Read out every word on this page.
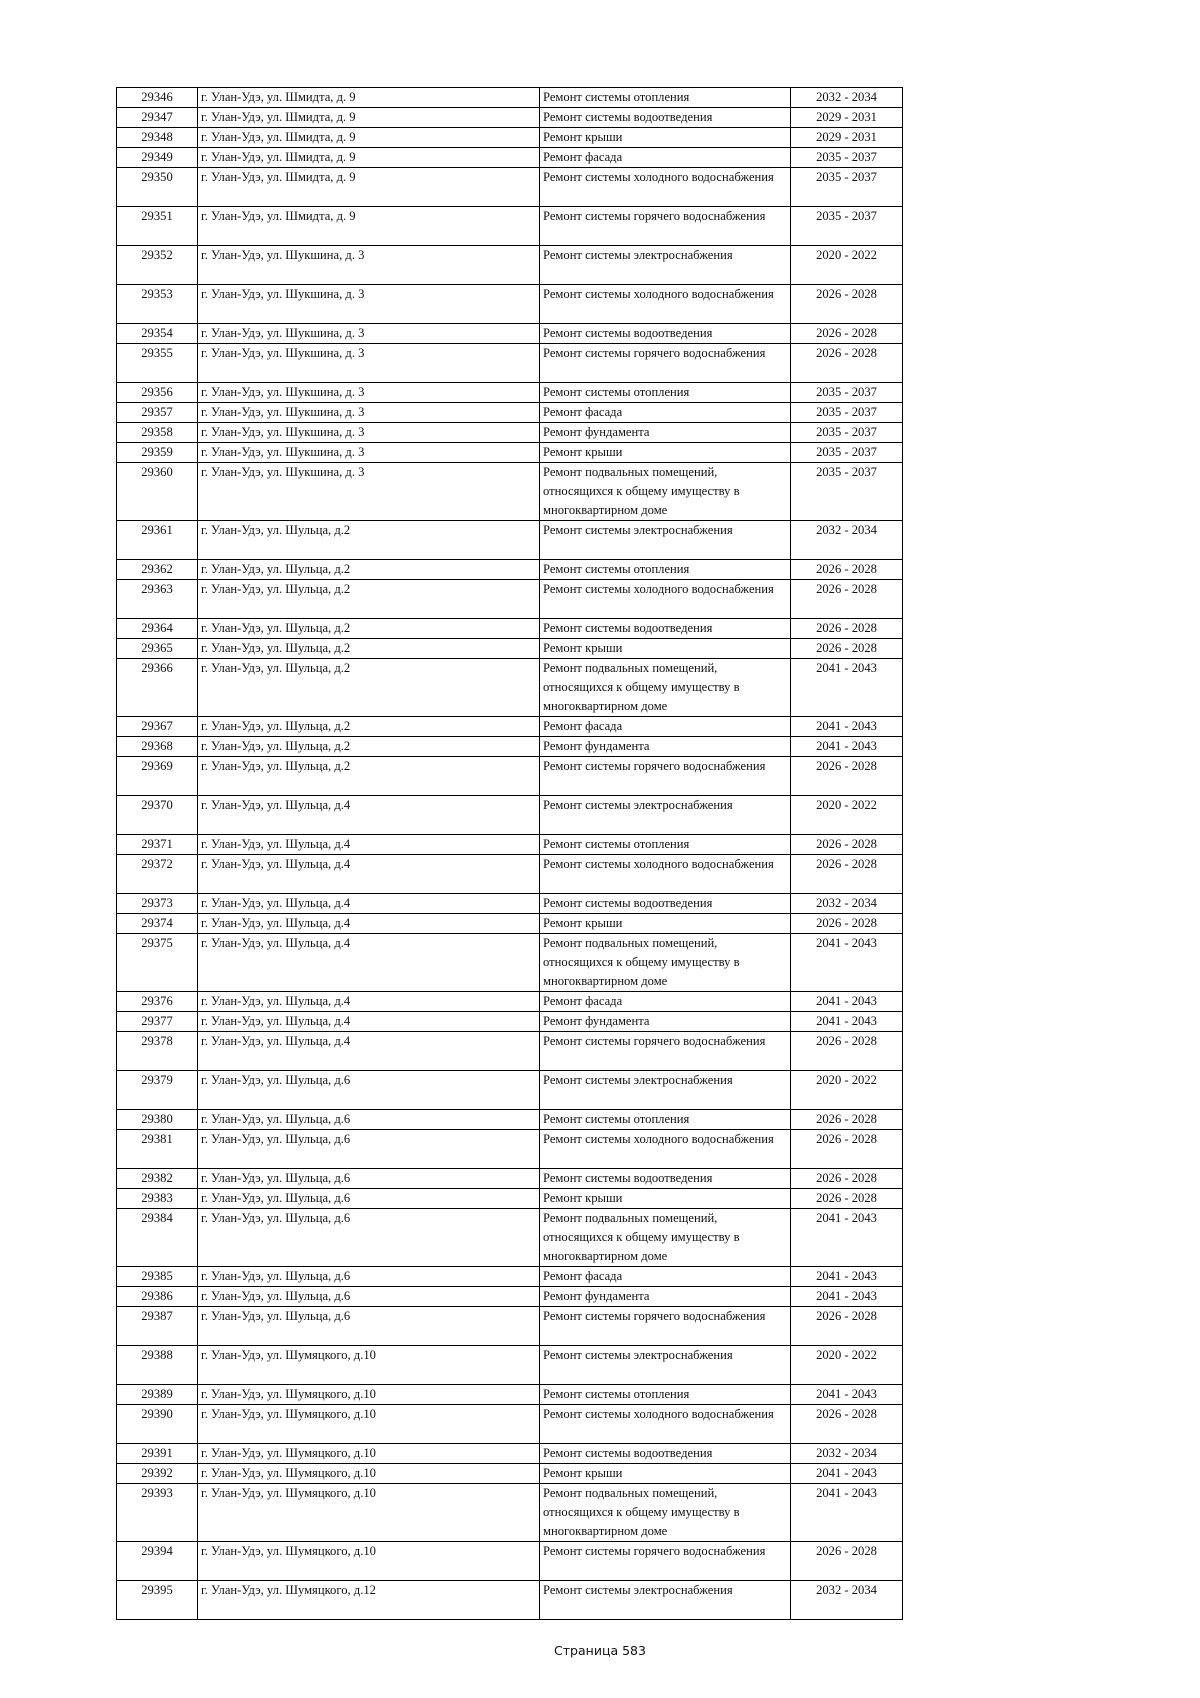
29346	г. Улан-Удэ, ул. Шмидта, д. 9	Ремонт системы отопления	2032 - 2034
29347	г. Улан-Удэ, ул. Шмидта, д. 9	Ремонт системы водоотведения	2029 - 2031
29348	г. Улан-Удэ, ул. Шмидта, д. 9	Ремонт крыши	2029 - 2031
29349	г. Улан-Удэ, ул. Шмидта, д. 9	Ремонт фасада	2035 - 2037
29350	г. Улан-Удэ, ул. Шмидта, д. 9	Ремонт системы холодного водоснабжения	2035 - 2037
29351	г. Улан-Удэ, ул. Шмидта, д. 9	Ремонт системы горячего водоснабжения	2035 - 2037
29352	г. Улан-Удэ, ул. Шукшина, д. 3	Ремонт системы электроснабжения	2020 - 2022
29353	г. Улан-Удэ, ул. Шукшина, д. 3	Ремонт системы холодного водоснабжения	2026 - 2028
29354	г. Улан-Удэ, ул. Шукшина, д. 3	Ремонт системы водоотведения	2026 - 2028
29355	г. Улан-Удэ, ул. Шукшина, д. 3	Ремонт системы горячего водоснабжения	2026 - 2028
29356	г. Улан-Удэ, ул. Шукшина, д. 3	Ремонт системы отопления	2035 - 2037
29357	г. Улан-Удэ, ул. Шукшина, д. 3	Ремонт фасада	2035 - 2037
29358	г. Улан-Удэ, ул. Шукшина, д. 3	Ремонт фундамента	2035 - 2037
29359	г. Улан-Удэ, ул. Шукшина, д. 3	Ремонт крыши	2035 - 2037
29360	г. Улан-Удэ, ул. Шукшина, д. 3	Ремонт подвальных помещений, относящихся к общему имуществу в многоквартирном доме	2035 - 2037
29361	г. Улан-Удэ, ул. Шульца, д.2	Ремонт системы электроснабжения	2032 - 2034
29362	г. Улан-Удэ, ул. Шульца, д.2	Ремонт системы отопления	2026 - 2028
29363	г. Улан-Удэ, ул. Шульца, д.2	Ремонт системы холодного водоснабжения	2026 - 2028
29364	г. Улан-Удэ, ул. Шульца, д.2	Ремонт системы водоотведения	2026 - 2028
29365	г. Улан-Удэ, ул. Шульца, д.2	Ремонт крыши	2026 - 2028
29366	г. Улан-Удэ, ул. Шульца, д.2	Ремонт подвальных помещений, относящихся к общему имуществу в многоквартирном доме	2041 - 2043
29367	г. Улан-Удэ, ул. Шульца, д.2	Ремонт фасада	2041 - 2043
29368	г. Улан-Удэ, ул. Шульца, д.2	Ремонт фундамента	2041 - 2043
29369	г. Улан-Удэ, ул. Шульца, д.2	Ремонт системы горячего водоснабжения	2026 - 2028
29370	г. Улан-Удэ, ул. Шульца, д.4	Ремонт системы электроснабжения	2020 - 2022
29371	г. Улан-Удэ, ул. Шульца, д.4	Ремонт системы отопления	2026 - 2028
29372	г. Улан-Удэ, ул. Шульца, д.4	Ремонт системы холодного водоснабжения	2026 - 2028
29373	г. Улан-Удэ, ул. Шульца, д.4	Ремонт системы водоотведения	2032 - 2034
29374	г. Улан-Удэ, ул. Шульца, д.4	Ремонт крыши	2026 - 2028
29375	г. Улан-Удэ, ул. Шульца, д.4	Ремонт подвальных помещений, относящихся к общему имуществу в многоквартирном доме	2041 - 2043
29376	г. Улан-Удэ, ул. Шульца, д.4	Ремонт фасада	2041 - 2043
29377	г. Улан-Удэ, ул. Шульца, д.4	Ремонт фундамента	2041 - 2043
29378	г. Улан-Удэ, ул. Шульца, д.4	Ремонт системы горячего водоснабжения	2026 - 2028
29379	г. Улан-Удэ, ул. Шульца, д.6	Ремонт системы электроснабжения	2020 - 2022
29380	г. Улан-Удэ, ул. Шульца, д.6	Ремонт системы отопления	2026 - 2028
29381	г. Улан-Удэ, ул. Шульца, д.6	Ремонт системы холодного водоснабжения	2026 - 2028
29382	г. Улан-Удэ, ул. Шульца, д.6	Ремонт системы водоотведения	2026 - 2028
29383	г. Улан-Удэ, ул. Шульца, д.6	Ремонт крыши	2026 - 2028
29384	г. Улан-Удэ, ул. Шульца, д.6	Ремонт подвальных помещений, относящихся к общему имуществу в многоквартирном доме	2041 - 2043
29385	г. Улан-Удэ, ул. Шульца, д.6	Ремонт фасада	2041 - 2043
29386	г. Улан-Удэ, ул. Шульца, д.6	Ремонт фундамента	2041 - 2043
29387	г. Улан-Удэ, ул. Шульца, д.6	Ремонт системы горячего водоснабжения	2026 - 2028
29388	г. Улан-Удэ, ул. Шумяцкого, д.10	Ремонт системы электроснабжения	2020 - 2022
29389	г. Улан-Удэ, ул. Шумяцкого, д.10	Ремонт системы отопления	2041 - 2043
29390	г. Улан-Удэ, ул. Шумяцкого, д.10	Ремонт системы холодного водоснабжения	2026 - 2028
29391	г. Улан-Удэ, ул. Шумяцкого, д.10	Ремонт системы водоотведения	2032 - 2034
29392	г. Улан-Удэ, ул. Шумяцкого, д.10	Ремонт крыши	2041 - 2043
29393	г. Улан-Удэ, ул. Шумяцкого, д.10	Ремонт подвальных помещений, относящихся к общему имуществу в многоквартирном доме	2041 - 2043
29394	г. Улан-Удэ, ул. Шумяцкого, д.10	Ремонт системы горячего водоснабжения	2026 - 2028
29395	г. Улан-Удэ, ул. Шумяцкого, д.12	Ремонт системы электроснабжения	2032 - 2034
Страница 583
